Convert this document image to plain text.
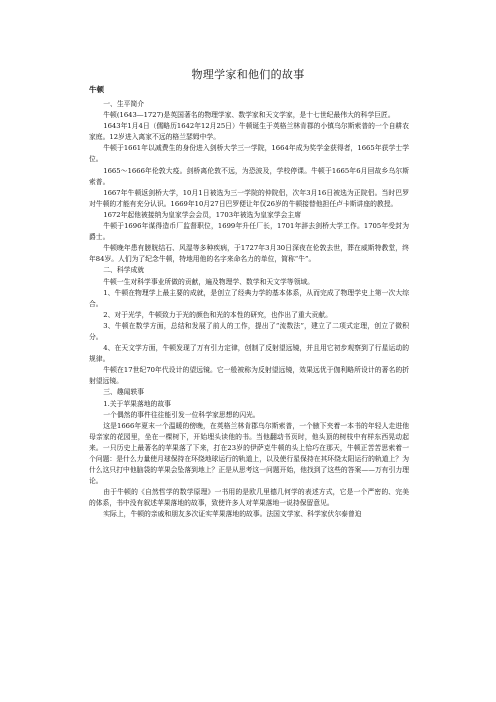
物理学家和他们的故事
牛顿

一、生平简介

牛顿(1643—1727)是英国著名的物理学家、数学家和天文学家，是十七世纪最伟大的科学巨匠。

1643年1月4日（儒略历1642年12月25日）牛顿诞生于英格兰林肯郡的小镇乌尔斯索普的一个自耕农家庭。12岁进入离家不远的格兰瑟姆中学。

牛顿于1661年以减费生的身份进入剑桥大学三一学院，1664年成为奖学金获得者，1665年获学士学位。

1665～1666年伦敦大疫。剑桥离伦敦不远，为恐波及，学校停课。牛顿于1665年6月回故乡乌尔斯索普。

1667年牛顿返剑桥大学，10月1日被选为三一学院的仲院侣，次年3月16日被选为正院侣。当时巴罗对牛顿的才能有充分认识。1669年10月27日巴罗便让年仅26岁的牛顿接替他担任卢卡斯讲座的教授。

1672年起他被接纳为皇家学会会员，1703年被选为皇家学会主席

牛顿于1696年谋得造币厂监督职位，1699年升任厂长，1701年辞去剑桥大学工作。1705年受封为爵士。

牛顿晚年患有膀胱结石、风湿等多种疾病，于1727年3月30日深夜在伦敦去世，葬在威斯特教堂，终年84岁。人们为了纪念牛顿，特地用他的名字来命名力的单位，简称“牛”。

二、科学成就

牛顿一生对科学事业所做的贡献，遍及物理学、数学和天文学等领域。

1、牛顿在物理学上最主要的成就，是创立了经典力学的基本体系，从而完成了物理学史上第一次大综合。

2、对于光学，牛顿致力于光的颜色和光的本性的研究，也作出了重大贡献。

3、牛顿在数学方面，总结和发展了前人的工作，提出了“流数法”，建立了二项式定理，创立了微积分。

4、在天文学方面，牛顿发现了万有引力定律，创制了反射望远镜，并且用它初步观察到了行星运动的规律。

牛顿在17世纪70年代设计的望远镜。它一般被称为反射望远镜，效果远优于伽利略所设计的著名的折射望远镜。

三、趣闻轶事

1.关于苹果落地的故事

一个偶然的事件往往能引发一位科学家思想的闪光。

这是1666年夏末一个温暖的傍晚，在英格兰林肯郡乌尔斯索普，一个腋下夹着一本书的年轻人走进他母亲家的花园里，坐在一棵树下，开始埋头读他的书。当他翻动书页时，他头顶的树枝中有样东西晃动起来。一只历史上最著名的苹果落了下来，打在23岁的伊萨克牛顿的头上恰巧在那天，牛顿正苦苦思索着一个问题：是什么力量使月球保持在环绕地球运行的轨道上，以及使行星保持在其环绕太阳运行的轨道上？为什么这只打中他脑袋的苹果会坠落到地上？正是从思考这一问题开始，他找到了这些的答案——万有引力理论。

由于牛顿的《自然哲学的数学原理》一书用的是欧几里德几何学的表述方式，它是一个严密的、完美的体系，书中没有叙述苹果落地的故事，致使许多人对苹果落地一说持保留意见。

实际上，牛顿的亲戚和朋友多次证实苹果落地的故事。法国文学家、科学家伏尔泰曾迫
